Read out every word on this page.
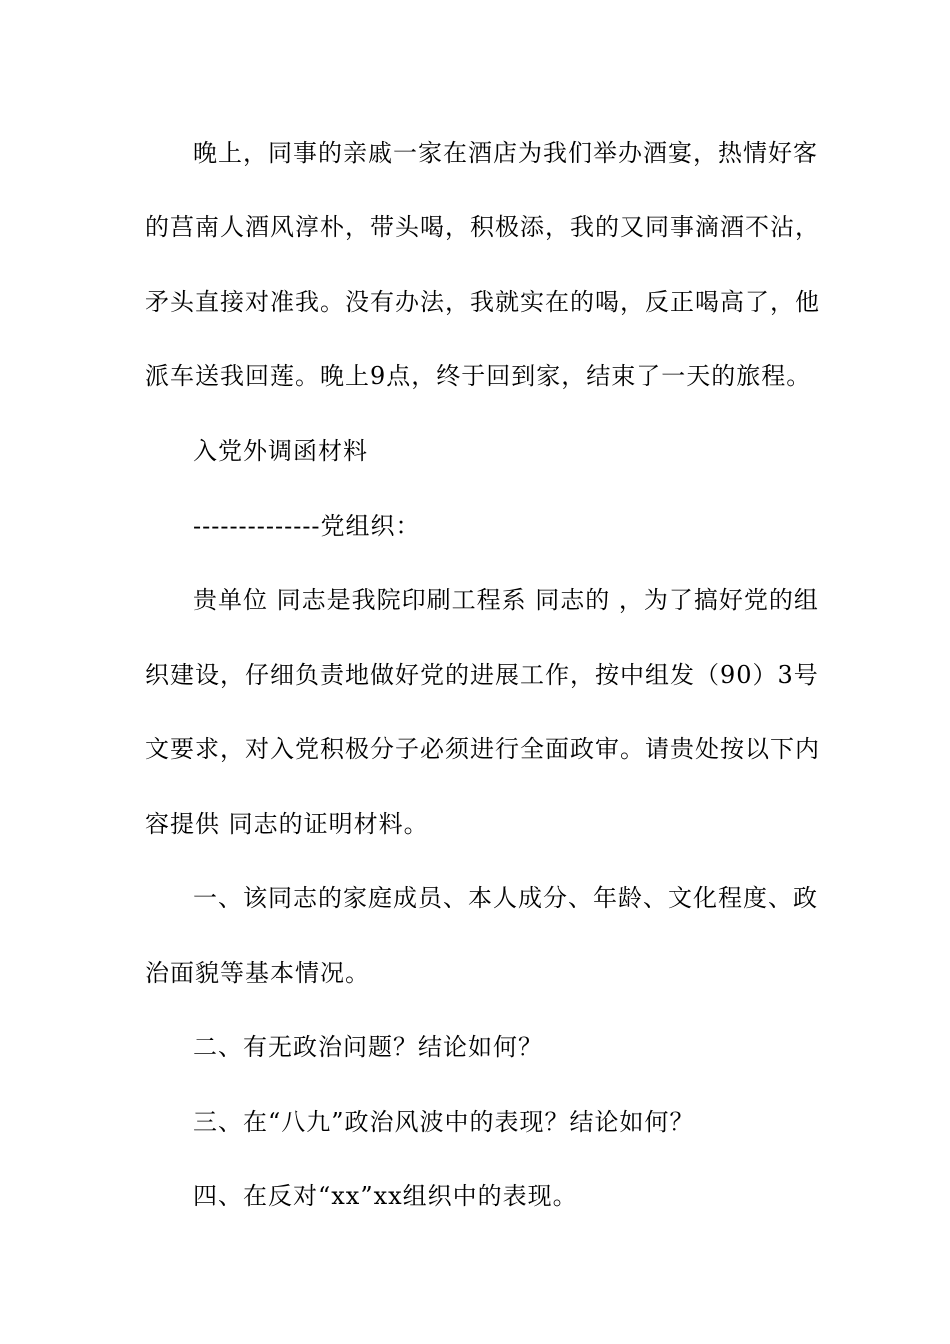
晚上，同事的亲戚一家在酒店为我们举办酒宴，热情好客
的莒南人酒风淳朴，带头喝，积极添，我的又同事滴酒不沾，
矛头直接对准我。没有办法，我就实在的喝，反正喝高了，他
派车送我回莲。晚上9点，终于回到家，结束了一天的旅程。
入党外调函材料
--------------党组织：
贵单位 同志是我院印刷工程系 同志的 ，为了搞好党的组
织建设，仔细负责地做好党的进展工作，按中组发（90）3号
文要求，对入党积极分子必须进行全面政审。请贵处按以下内
容提供 同志的证明材料。
一、该同志的家庭成员、本人成分、年龄、文化程度、政
治面貌等基本情况。
二、有无政治问题？结论如何？
三、在“八九”政治风波中的表现？结论如何？
四、在反对“xx”xx组织中的表现。
